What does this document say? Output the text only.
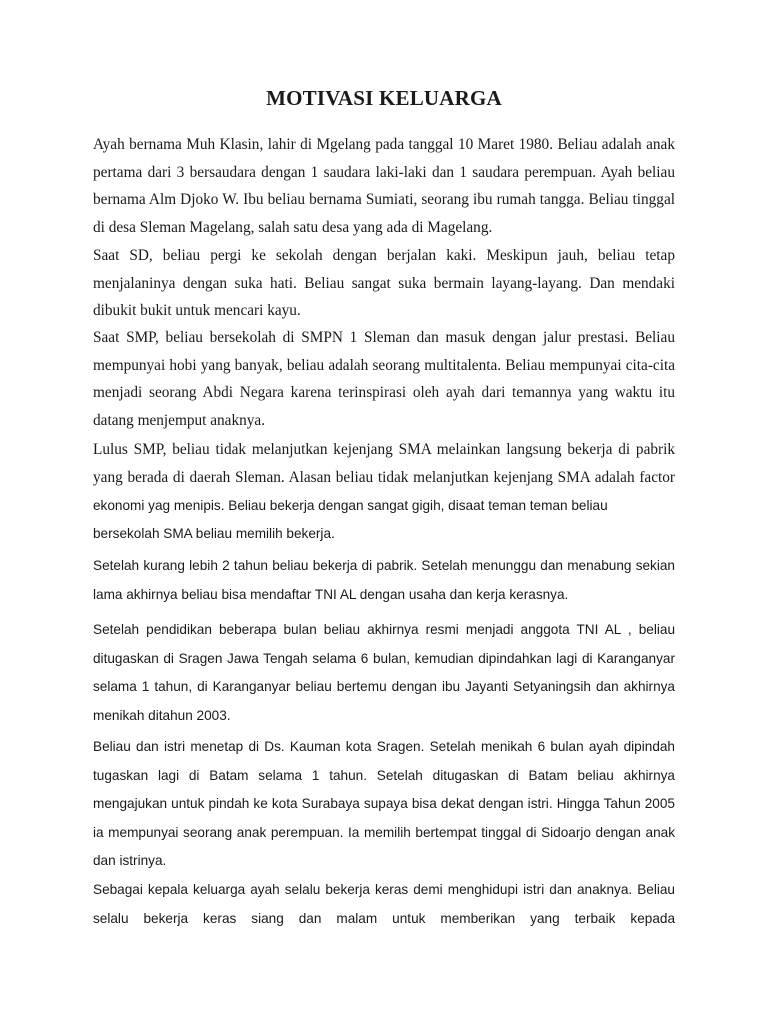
MOTIVASI KELUARGA

Ayah bernama Muh Klasin, lahir di Mgelang pada tanggal 10 Maret 1980. Beliau adalah anak pertama dari 3 bersaudara dengan 1 saudara laki-laki dan 1 saudara perempuan. Ayah beliau bernama Alm Djoko W. Ibu beliau bernama Sumiati, seorang ibu rumah tangga. Beliau tinggal di desa Sleman Magelang, salah satu desa yang ada di Magelang.

Saat SD, beliau pergi ke sekolah dengan berjalan kaki. Meskipun jauh, beliau tetap menjalaninya dengan suka hati. Beliau sangat suka bermain layang-layang. Dan mendaki dibukit bukit untuk mencari kayu.

Saat SMP, beliau bersekolah di SMPN 1 Sleman dan masuk dengan jalur prestasi. Beliau mempunyai hobi yang banyak, beliau adalah seorang multitalenta. Beliau mempunyai cita-cita menjadi seorang Abdi Negara karena terinspirasi oleh ayah dari temannya yang waktu itu datang menjemput anaknya.

Lulus SMP, beliau tidak melanjutkan kejenjang SMA melainkan langsung bekerja di pabrik
yang berada di daerah Sleman. Alasan beliau tidak melanjutkan kejenjang SMA adalah factor
ekonomi yag menipis. Beliau bekerja dengan sangat gigih, disaat teman teman beliau
bersekolah SMA beliau memilih bekerja.

Setelah kurang lebih 2 tahun beliau bekerja di pabrik. Setelah menunggu dan menabung sekian lama akhirnya beliau bisa mendaftar TNI AL dengan usaha dan kerja kerasnya.

Setelah pendidikan beberapa bulan beliau akhirnya resmi menjadi anggota TNI AL , beliau ditugaskan di Sragen Jawa Tengah selama 6 bulan, kemudian dipindahkan lagi di Karanganyar selama 1 tahun, di Karanganyar beliau bertemu dengan ibu Jayanti Setyaningsih dan akhirnya menikah ditahun 2003.

Beliau dan istri menetap di Ds. Kauman kota Sragen. Setelah menikah 6 bulan ayah dipindah tugaskan lagi di Batam selama 1 tahun. Setelah ditugaskan di Batam beliau akhirnya mengajukan untuk pindah ke kota Surabaya supaya bisa dekat dengan istri. Hingga Tahun 2005 ia mempunyai seorang anak perempuan. Ia memilih bertempat tinggal di Sidoarjo dengan anak dan istrinya.

Sebagai kepala keluarga ayah selalu bekerja keras demi menghidupi istri dan anaknya. Beliau selalu bekerja keras siang dan malam untuk memberikan yang terbaik kepada
